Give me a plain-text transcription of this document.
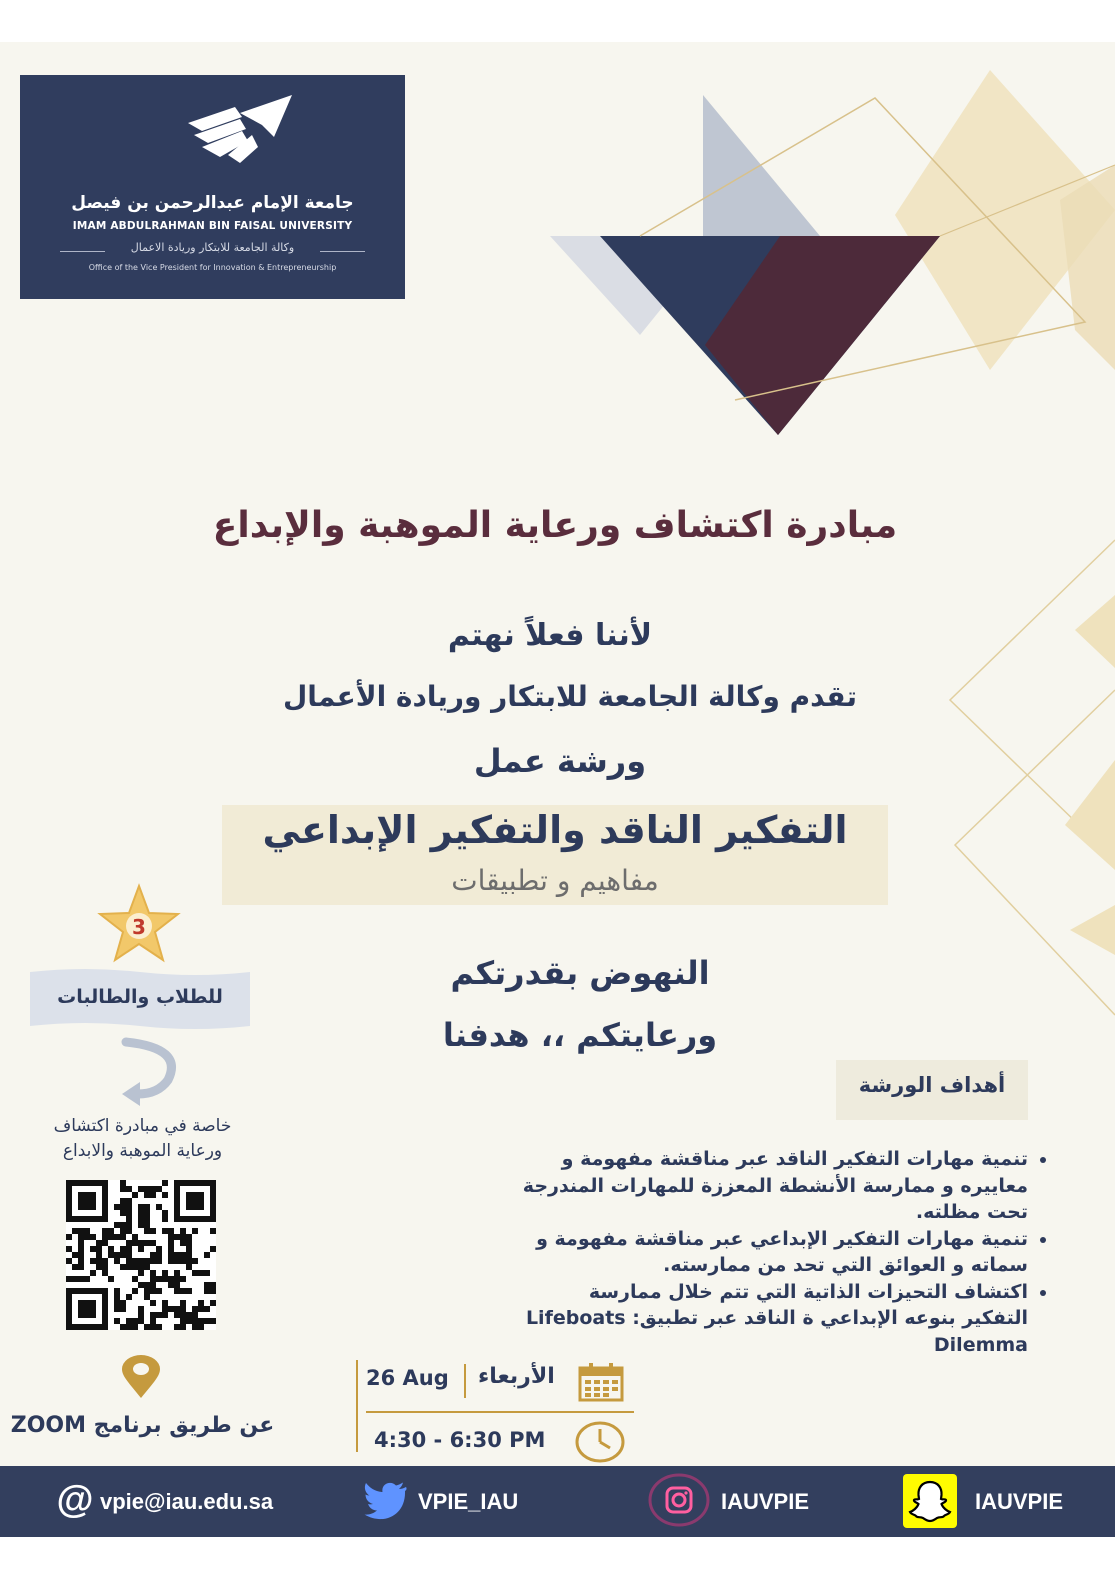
جامعة الإمام عبدالرحمن بن فيصل
IMAM ABDULRAHMAN BIN FAISAL UNIVERSITY
وكالة الجامعة للابتكار وريادة الاعمال
Office of the Vice President for Innovation & Entrepreneurship
مبادرة اكتشاف ورعاية الموهبة والإبداع
لأننا فعلاً نهتم
تقدم وكالة الجامعة للابتكار وريادة الأعمال
ورشة عمل
التفكير الناقد والتفكير الإبداعي
مفاهيم و تطبيقات
النهوض بقدرتكم
ورعايتكم ،، هدفنا
3
للطلاب والطالبات
خاصة في مبادرة اكتشاف
ورعاية الموهبة والابداع
عن طريق برنامج ZOOM
أهداف الورشة
• تنمية مهارات التفكير الناقد عبر مناقشة مفهومة و معاييره و ممارسة الأنشطة المعززة للمهارات المندرجة تحت مظلته.
• تنمية مهارات التفكير الإبداعي عبر مناقشة مفهومة و سماته و العوائق التي تحد من ممارسته.
• اكتشاف التحيزات الذاتية التي تتم خلال ممارسة التفكير بنوعه الإبداعي ة الناقد عبر تطبيق: Lifeboats Dilemma
26 Aug الأربعاء
4:30 - 6:30 PM
@ vpie@iau.edu.sa	VPIE_IAU	IAUVPIE	IAUVPIE
